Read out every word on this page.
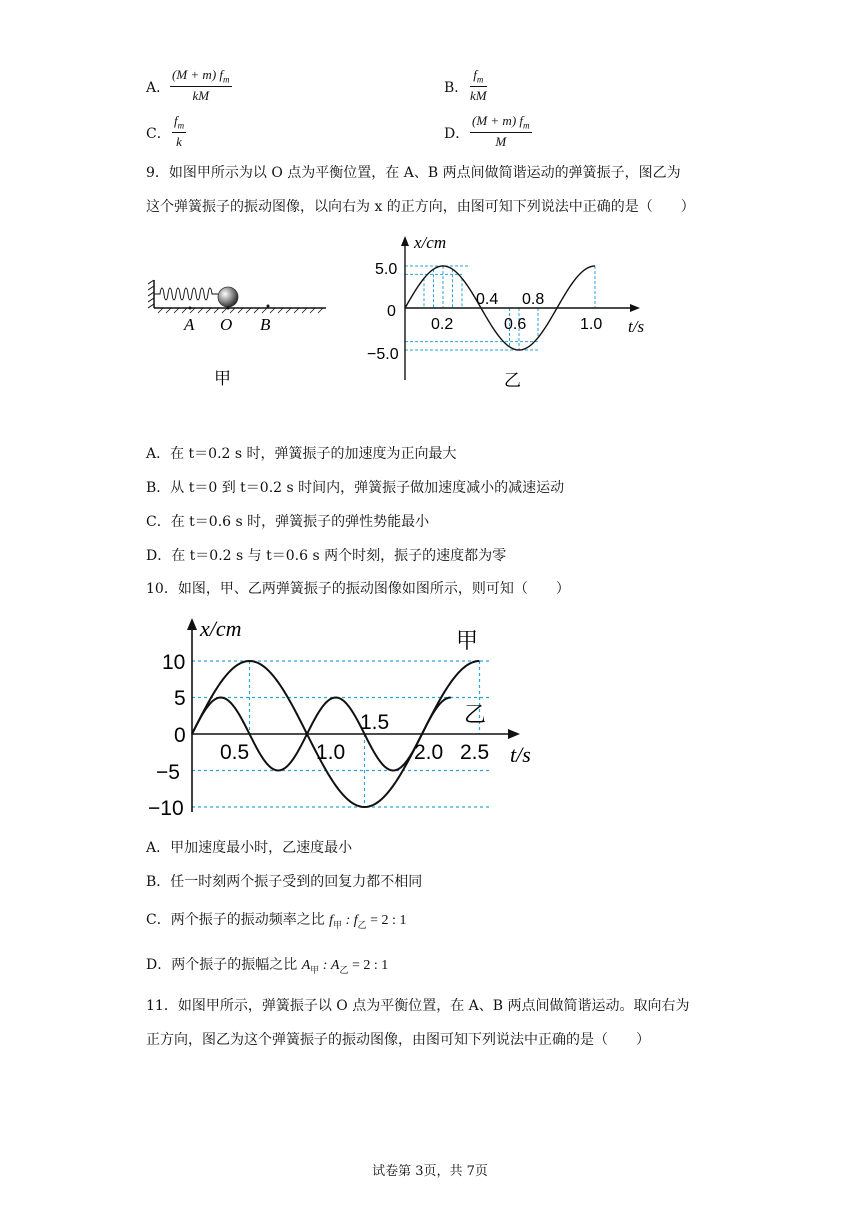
A． $\frac{(M + m) f_m}{kM}$	B． $\frac{f_m}{kM}$
C． $\frac{f_m}{k}$	D． $\frac{(M + m) f_m}{M}$
9．如图甲所示为以 O 点为平衡位置，在 A、B 两点间做简谐运动的弹簧振子，图乙为
这个弹簧振子的振动图像，以向右为 x 的正方向，由图可知下列说法中正确的是（　　）
A O B
甲
x/cm
t/s
5.0
−5.0
0
0.2
0.4
0.6
0.8
1.0
乙
A．在 t＝0.2 s 时，弹簧振子的加速度为正向最大
B．从 t＝0 到 t＝0.2 s 时间内，弹簧振子做加速度减小的减速运动
C．在 t＝0.6 s 时，弹簧振子的弹性势能最小
D．在 t＝0.2 s 与 t＝0.6 s 两个时刻，振子的速度都为零
10．如图，甲、乙两弹簧振子的振动图像如图所示，则可知（　　）
x/cm
t/s
10
5
0
−5
−10
0.5	1.0
1.5
2.0 2.5
甲
乙
A．甲加速度最小时，乙速度最小
B．任一时刻两个振子受到的回复力都不相同
C．两个振子的振动频率之比 $f_甲$ : $f_乙 = 2$ : 1
D．两个振子的振幅之比 $A_甲$ : $A_乙 = 2$ : 1
11．如图甲所示，弹簧振子以 O 点为平衡位置，在 A、B 两点间做简谐运动。取向右为
正方向，图乙为这个弹簧振子的振动图像，由图可知下列说法中正确的是（　　）
试卷第 3页，共 7页
